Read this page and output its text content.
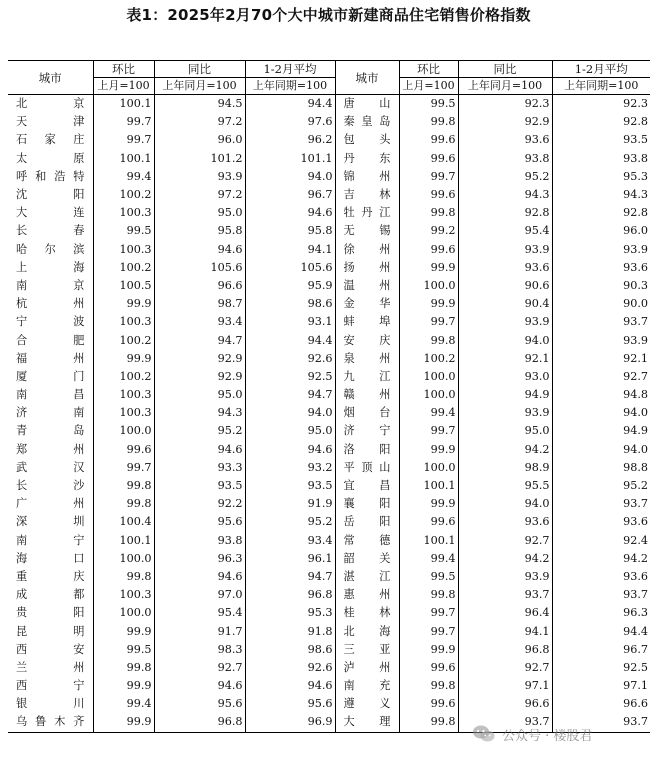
表1：2025年2月70个大中城市新建商品住宅销售价格指数
城市	环比	同比	1-2月平均	城市	环比	同比	1-2月平均
	上月=100	上年同月=100	上年同期=100		上月=100	上年同月=100	上年同期=100
北京	100.1	94.5	94.4	唐山	99.5	92.3	92.3
天津	99.7	97.2	97.6	秦皇岛	99.8	92.9	92.8
石家庄	99.7	96.0	96.2	包头	99.6	93.6	93.5
太原	100.1	101.2	101.1	丹东	99.6	93.8	93.8
呼和浩特	99.4	93.9	94.0	锦州	99.7	95.2	95.3
沈阳	100.2	97.2	96.7	吉林	99.6	94.3	94.3
大连	100.3	95.0	94.6	牡丹江	99.8	92.8	92.8
长春	99.5	95.8	95.8	无锡	99.2	95.4	96.0
哈尔滨	100.3	94.6	94.1	徐州	99.6	93.9	93.9
上海	100.2	105.6	105.6	扬州	99.9	93.6	93.6
南京	100.5	96.6	95.9	温州	100.0	90.6	90.3
杭州	99.9	98.7	98.6	金华	99.9	90.4	90.0
宁波	100.3	93.4	93.1	蚌埠	99.7	93.9	93.7
合肥	100.2	94.7	94.4	安庆	99.8	94.0	93.9
福州	99.9	92.9	92.6	泉州	100.2	92.1	92.1
厦门	100.2	92.9	92.5	九江	100.0	93.0	92.7
南昌	100.3	95.0	94.7	赣州	100.0	94.9	94.8
济南	100.3	94.3	94.0	烟台	99.4	93.9	94.0
青岛	100.0	95.2	95.0	济宁	99.7	95.0	94.9
郑州	99.6	94.6	94.6	洛阳	99.9	94.2	94.0
武汉	99.7	93.3	93.2	平顶山	100.0	98.9	98.8
长沙	99.8	93.5	93.5	宜昌	100.1	95.5	95.2
广州	99.8	92.2	91.9	襄阳	99.9	94.0	93.7
深圳	100.4	95.6	95.2	岳阳	99.6	93.6	93.6
南宁	100.1	93.8	93.4	常德	100.1	92.7	92.4
海口	100.0	96.3	96.1	韶关	99.4	94.2	94.2
重庆	99.8	94.6	94.7	湛江	99.5	93.9	93.6
成都	100.3	97.0	96.8	惠州	99.8	93.7	93.7
贵阳	100.0	95.4	95.3	桂林	99.7	96.4	96.3
昆明	99.9	91.7	91.8	北海	99.7	94.1	94.4
西安	99.5	98.3	98.6	三亚	99.9	96.8	96.7
兰州	99.8	92.7	92.6	泸州	99.6	92.7	92.5
西宁	99.9	94.6	94.6	南充	99.8	97.1	97.1
银川	99.4	95.6	95.6	遵义	99.6	96.6	96.6
乌鲁木齐	99.9	96.8	96.9	大理	99.8	93.7	93.7
公众号 · 楼股君
